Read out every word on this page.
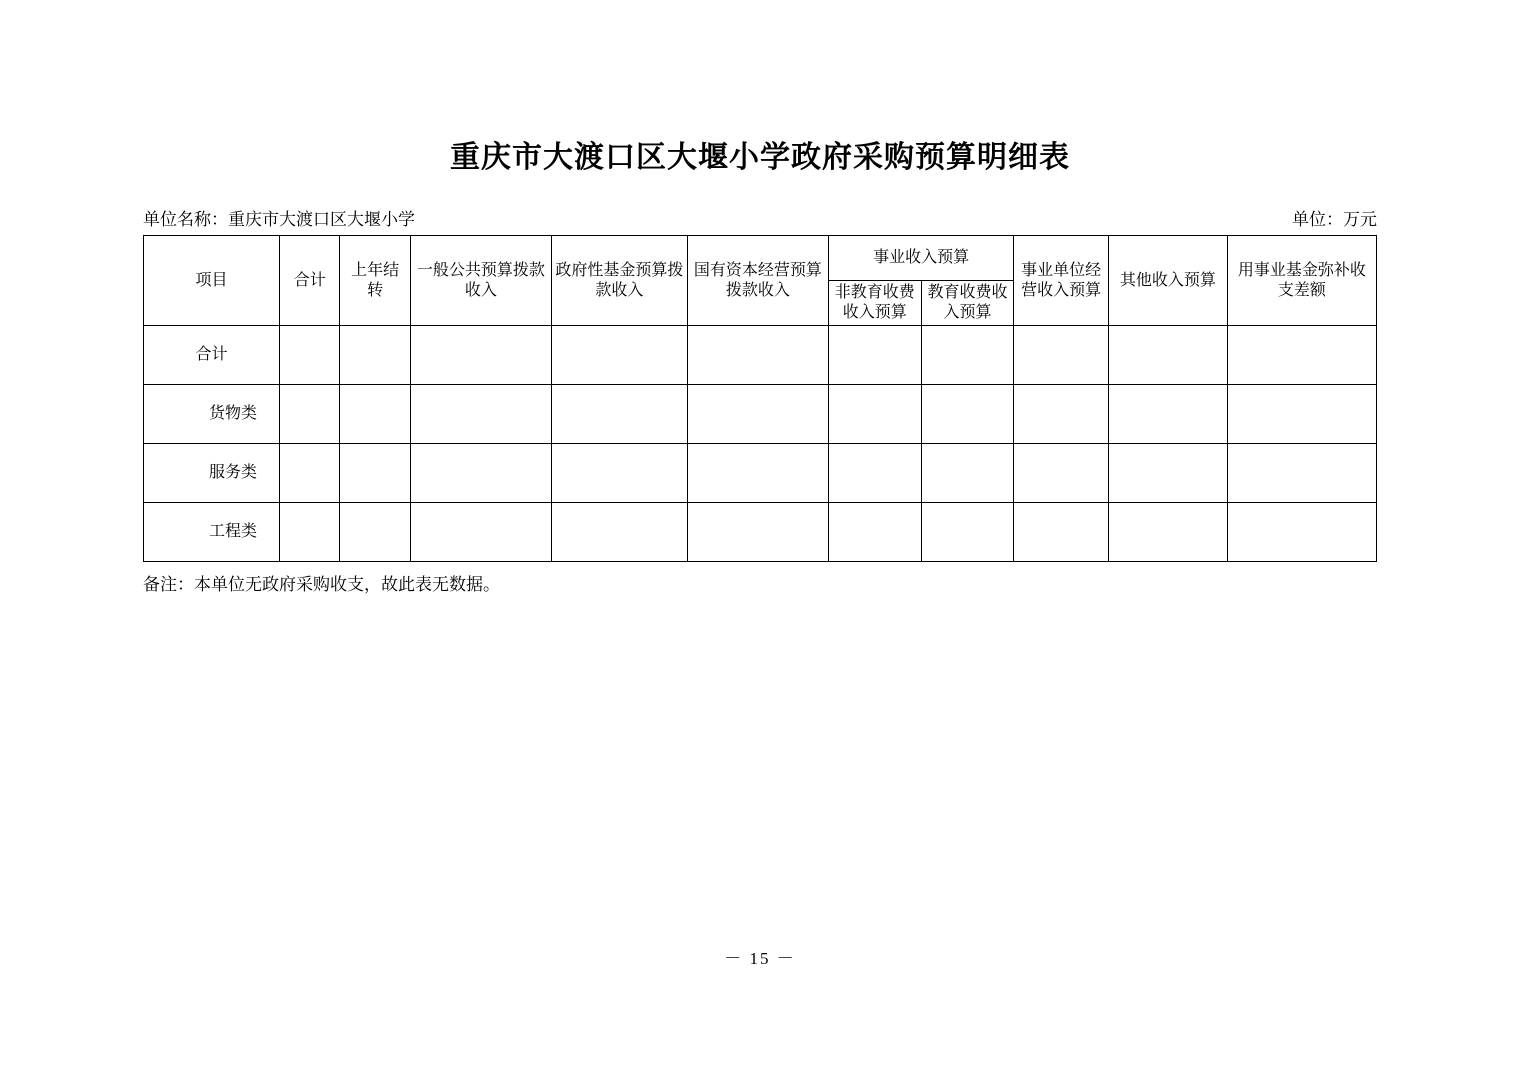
重庆市大渡口区大堰小学政府采购预算明细表
单位名称：重庆市大渡口区大堰小学	单位：万元
项目	合计	上年结转	一般公共预算拨款收入	政府性基金预算拨款收入	国有资本经营预算拨款收入	事业收入预算		事业单位经营收入预算	其他收入预算	用事业基金弥补收支差额
						非教育收费收入预算	教育收费收入预算			
合计										
货物类										
服务类										
工程类										
备注：本单位无政府采购收支，故此表无数据。
－ 15 －
